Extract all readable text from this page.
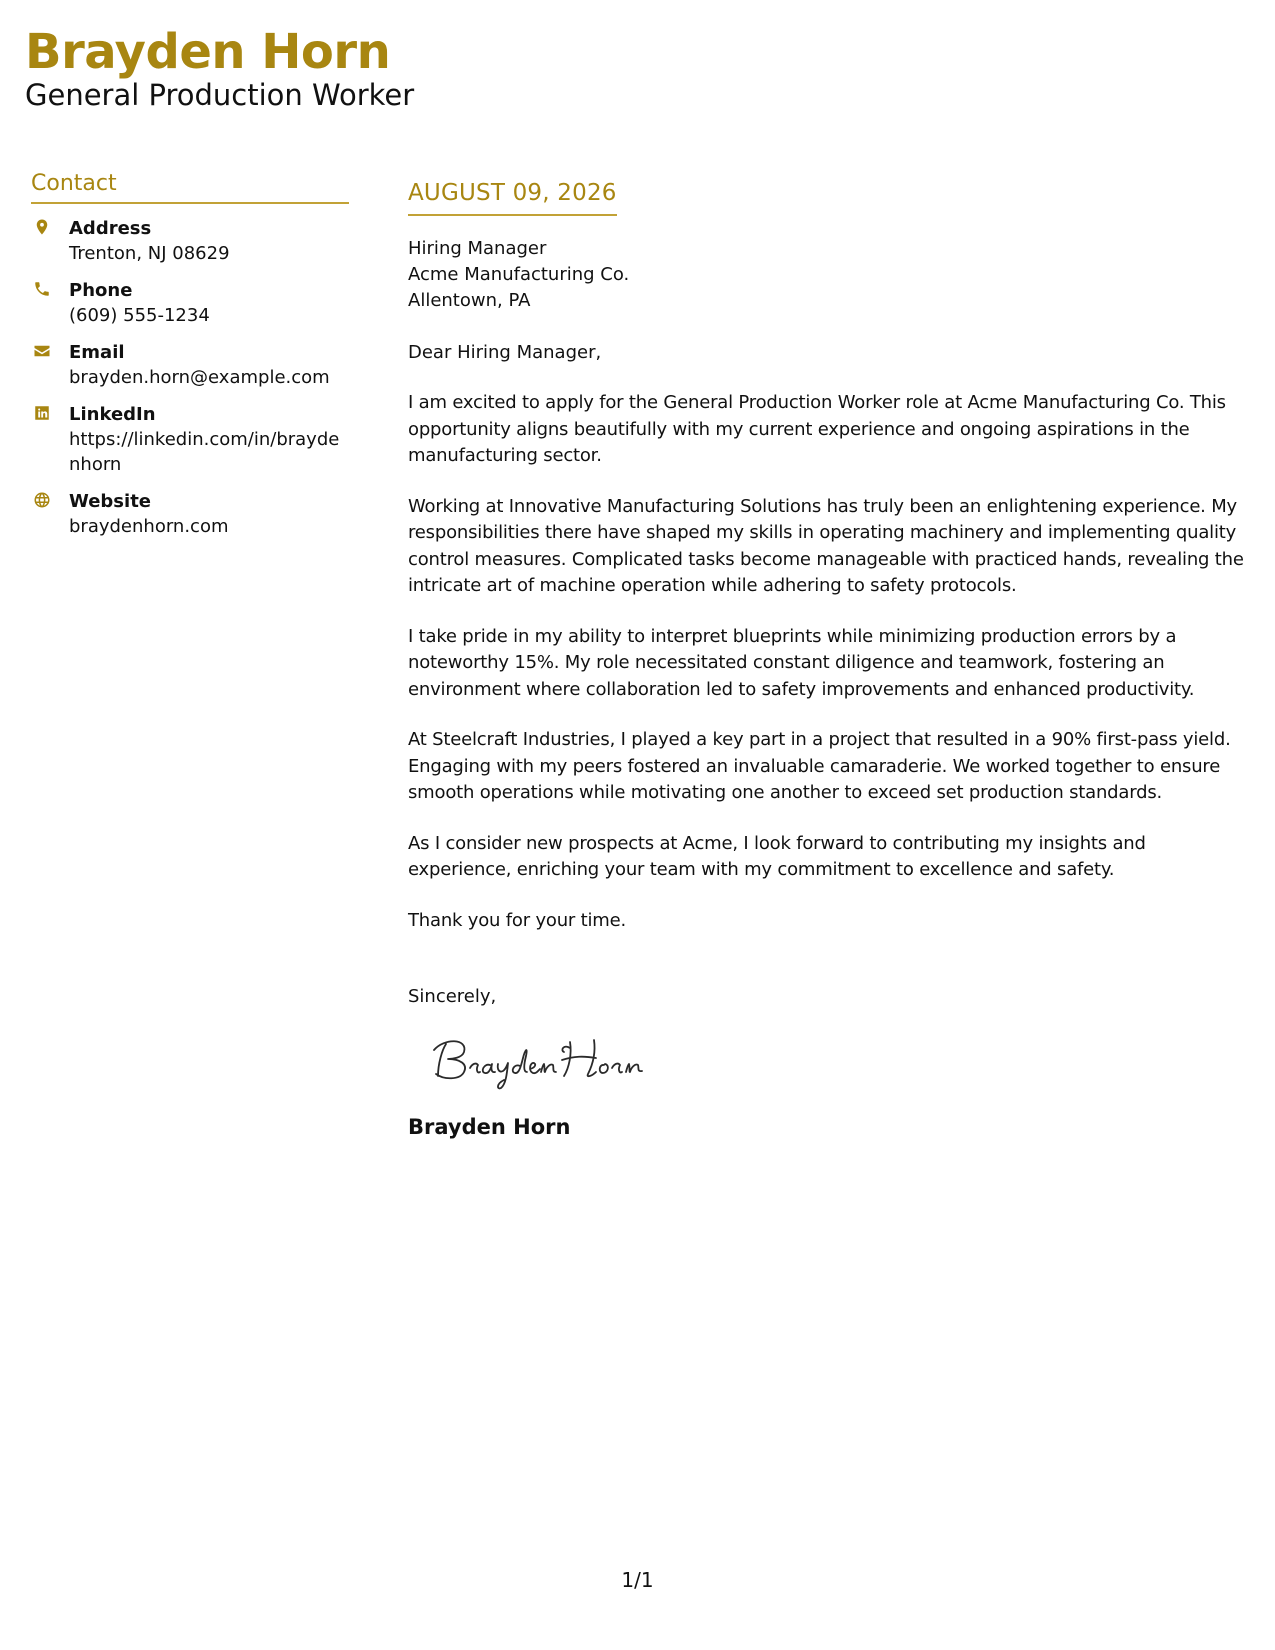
Brayden Horn
General Production Worker
Contact
Address
Trenton, NJ 08629
Phone
(609) 555-1234
Email
brayden.horn@example.com
LinkedIn
https://linkedin.com/in/braydenhorn
Website
braydenhorn.com
AUGUST 09, 2026
Hiring Manager
Acme Manufacturing Co.
Allentown, PA
Dear Hiring Manager,
I am excited to apply for the General Production Worker role at Acme Manufacturing Co. This opportunity aligns beautifully with my current experience and ongoing aspirations in the manufacturing sector.
Working at Innovative Manufacturing Solutions has truly been an enlightening experience. My responsibilities there have shaped my skills in operating machinery and implementing quality control measures. Complicated tasks become manageable with practiced hands, revealing the intricate art of machine operation while adhering to safety protocols.
I take pride in my ability to interpret blueprints while minimizing production errors by a noteworthy 15%. My role necessitated constant diligence and teamwork, fostering an environment where collaboration led to safety improvements and enhanced productivity.
At Steelcraft Industries, I played a key part in a project that resulted in a 90% first-pass yield. Engaging with my peers fostered an invaluable camaraderie. We worked together to ensure smooth operations while motivating one another to exceed set production standards.
As I consider new prospects at Acme, I look forward to contributing my insights and experience, enriching your team with my commitment to excellence and safety.
Thank you for your time.
Sincerely,
Brayden Horn
1/1
